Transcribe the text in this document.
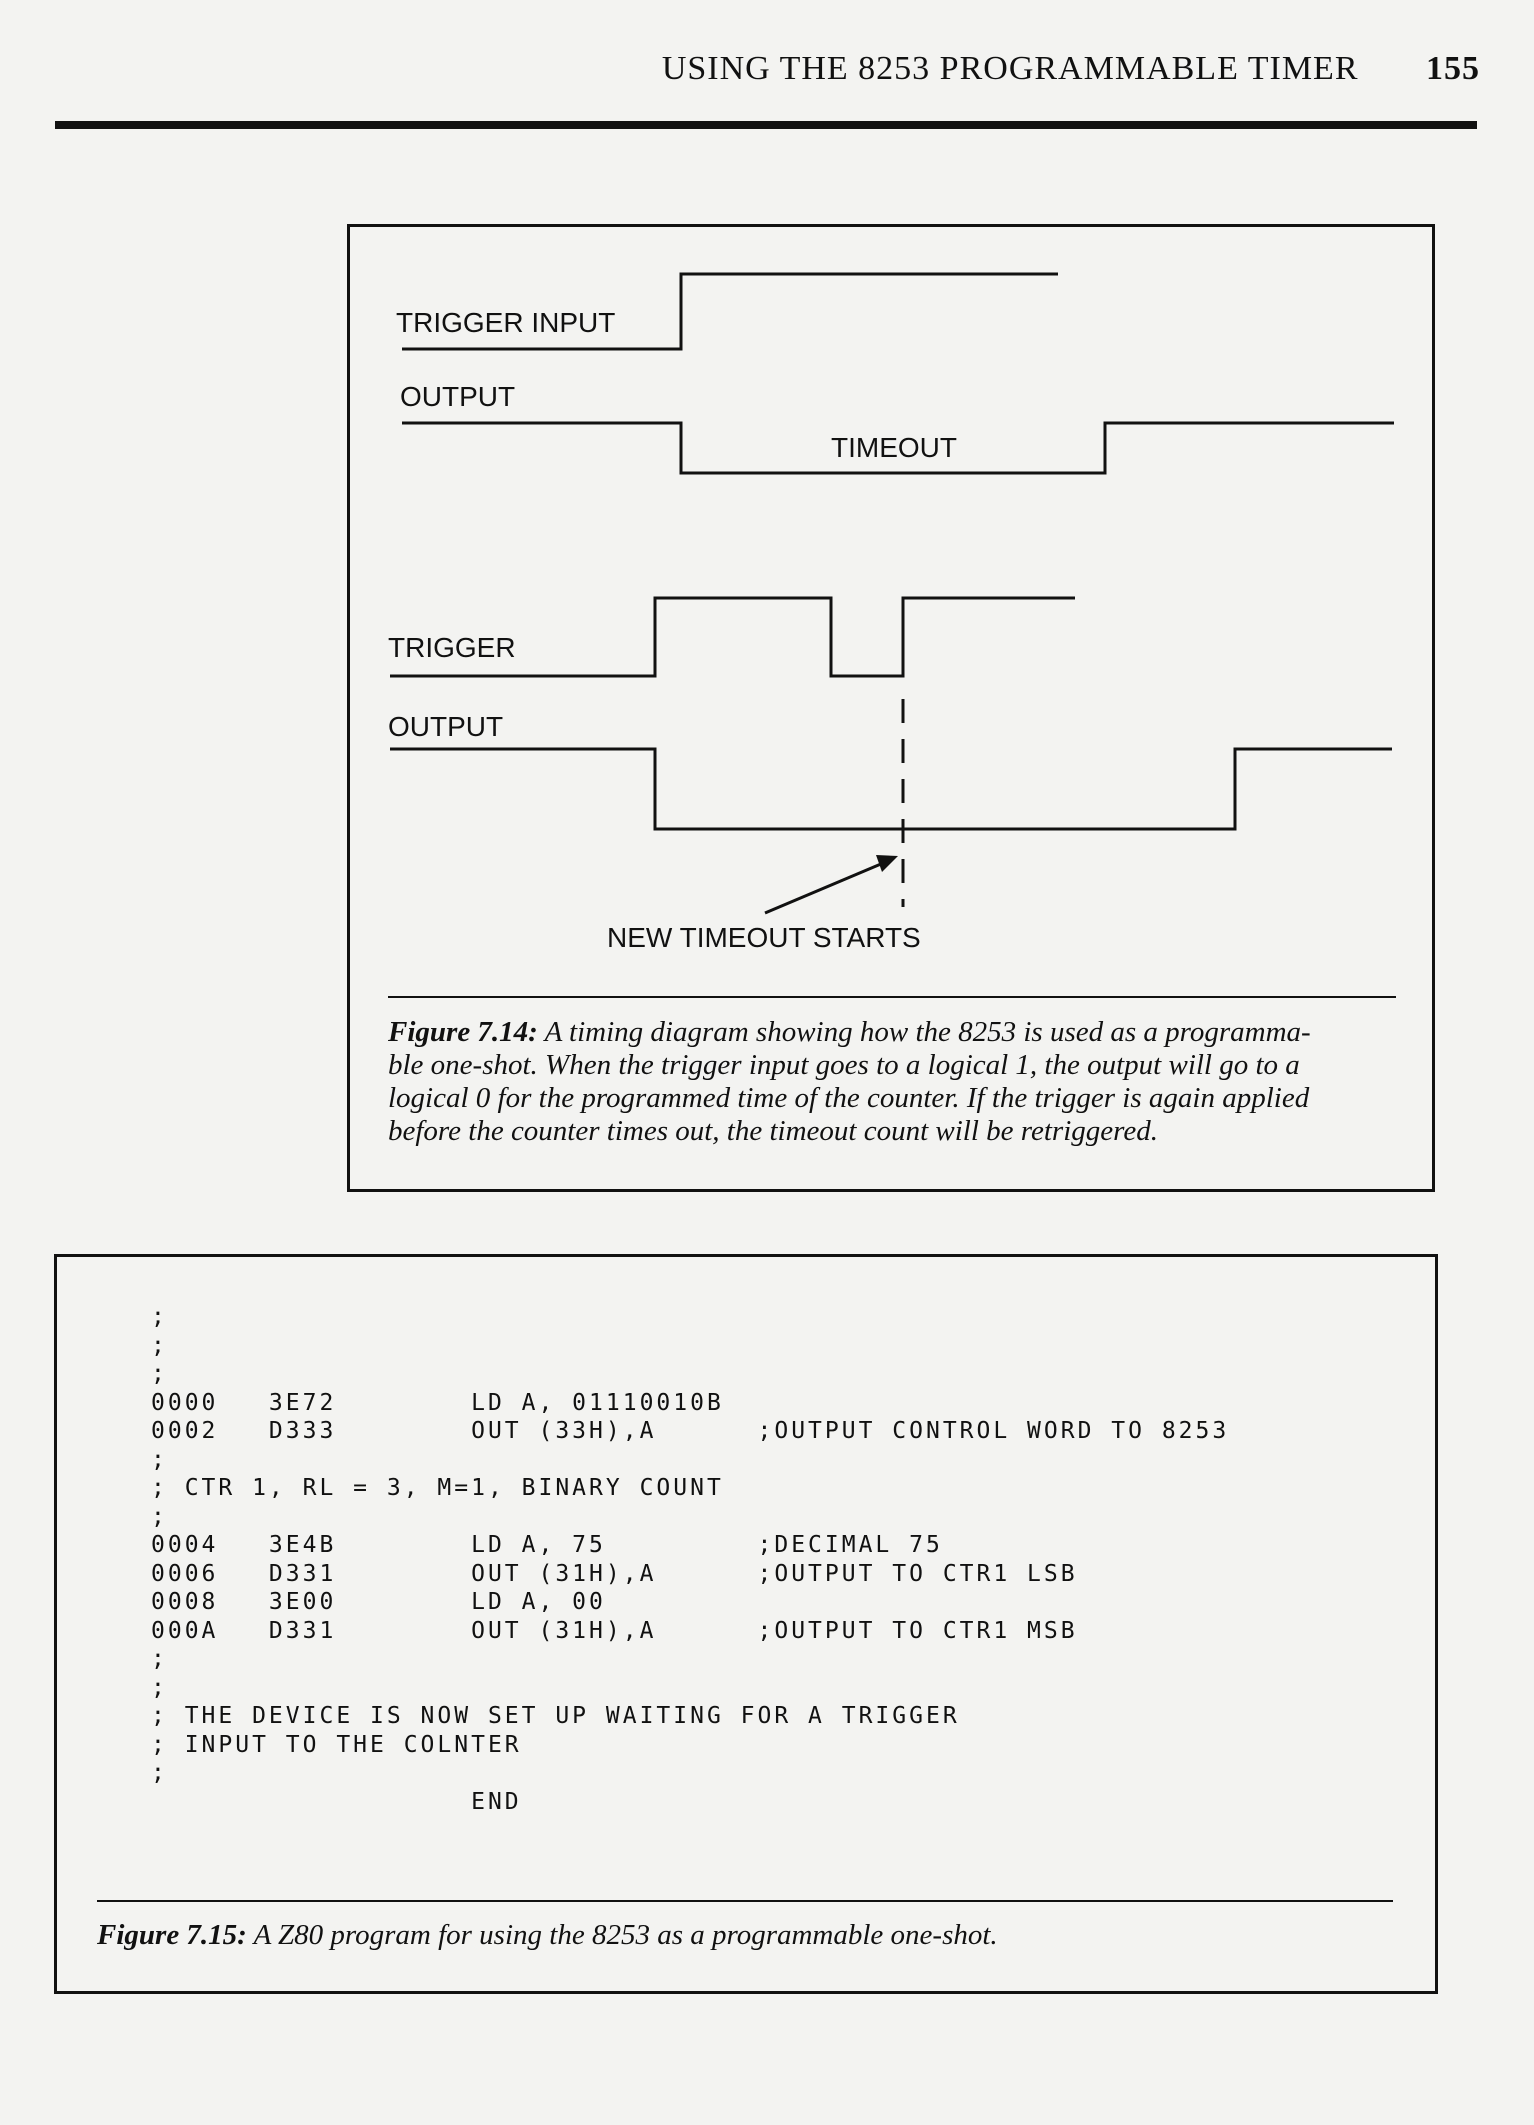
USING THE 8253 PROGRAMMABLE TIMER 155
TRIGGER INPUT
OUTPUT
TIMEOUT
TRIGGER
OUTPUT
NEW TIMEOUT STARTS
Figure 7.14: A timing diagram showing how the 8253 is used as a programma-
ble one-shot. When the trigger input goes to a logical 1, the output will go to a
logical 0 for the programmed time of the counter. If the trigger is again applied
before the counter times out, the timeout count will be retriggered.
;
;
;
0000   3E72        LD A, 01110010B
0002   D333        OUT (33H),A      ;OUTPUT CONTROL WORD TO 8253
;
; CTR 1, RL = 3, M=1, BINARY COUNT
;
0004   3E4B        LD A, 75         ;DECIMAL 75
0006   D331        OUT (31H),A      ;OUTPUT TO CTR1 LSB
0008   3E00        LD A, 00
000A   D331        OUT (31H),A      ;OUTPUT TO CTR1 MSB
;
;
; THE DEVICE IS NOW SET UP WAITING FOR A TRIGGER
; INPUT TO THE COLNTER
;
END
Figure 7.15: A Z80 program for using the 8253 as a programmable one-shot.
